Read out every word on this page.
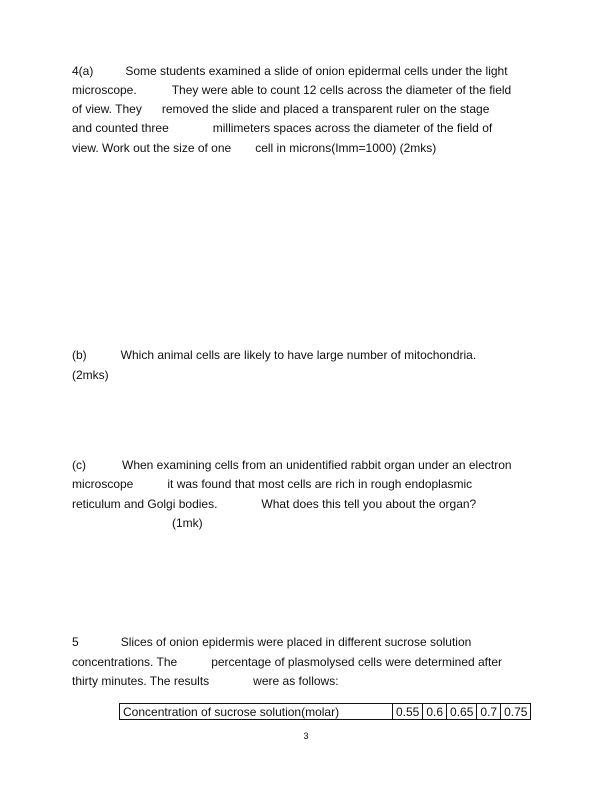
4(a)	Some students examined a slide of onion epidermal cells under the light
microscope.	They were able to count 12 cells across the diameter of the field
of view. They removed the slide and placed a transparent ruler on the stage
and counted three	millimeters spaces across the diameter of the field of
view. Work out the size of one cell in microns(Imm=1000) (2mks)
(b)	Which animal cells are likely to have large number of mitochondria.
(2mks)
(c)	When examining cells from an unidentified rabbit organ under an electron
microscope	it was found that most cells are rich in rough endoplasmic
reticulum and Golgi bodies.	What does this tell you about the organ?
(1mk)
5	Slices of onion epidermis were placed in different sucrose solution
concentrations. The	percentage of plasmolysed cells were determined after
thirty minutes. The results	were as follows:
Concentration of sucrose solution(molar)	0.55	0.6	0.65	0.7	0.75
3
